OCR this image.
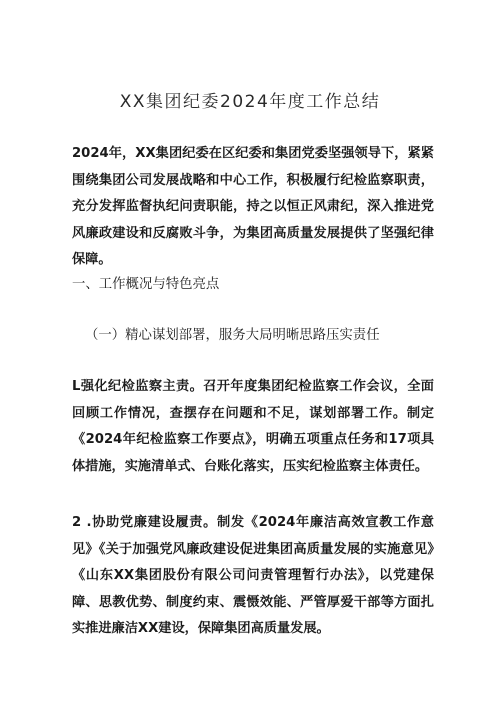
XX集团纪委2024年度工作总结

2024年，XX集团纪委在区纪委和集团党委坚强领导下，紧紧围绕集团公司发展战略和中心工作，积极履行纪检监察职责，充分发挥监督执纪问责职能，持之以恒正风肃纪，深入推进党风廉政建设和反腐败斗争，为集团高质量发展提供了坚强纪律保障。

一、工作概况与特色亮点

（一）精心谋划部署，服务大局明晰思路压实责任

L强化纪检监察主责。召开年度集团纪检监察工作会议，全面回顾工作情况，查摆存在问题和不足，谋划部署工作。制定《2024年纪检监察工作要点》，明确五项重点任务和17项具体措施，实施清单式、台账化落实，压实纪检监察主体责任。

2 .协助党廉建设履责。制发《2024年廉洁高效宣教工作意见》《关于加强党风廉政建设促进集团高质量发展的实施意见》《山东XX集团股份有限公司问责管理暂行办法》，以党建保障、思教优势、制度约束、震慑效能、严管厚爱干部等方面扎实推进廉洁XX建设，保障集团高质量发展。
